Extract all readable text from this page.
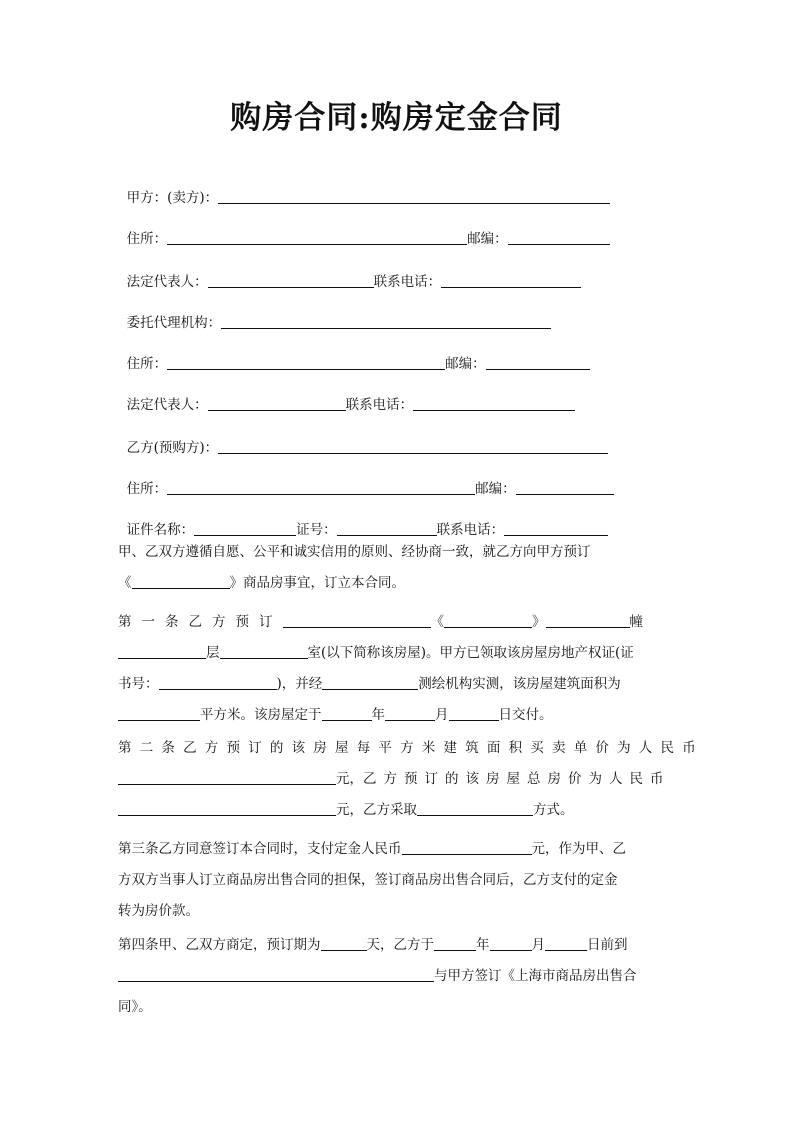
购房合同:购房定金合同

甲方：(卖方)：

住所：	邮编：

法定代表人：	联系电话：

委托代理机构：

住所：	邮编：

法定代表人：	联系电话：

乙方(预购方)：

住所：	邮编：

证件名称：	证号：	联系电话：

甲、乙双方遵循自愿、公平和诚实信用的原则、经协商一致，就乙方向甲方预订
《	》商品房事宜，订立本合同。
第一条乙方预订	《	》	幢
层	室(以下简称该房屋)。甲方已领取该房屋房地产权证(证
书号：	)，并经	测绘机构实测，该房屋建筑面积为
平方米。该房屋定于	年	月	日交付。
第二条乙方预订的该房屋每平方米建筑面积买卖单价为人民币
元，乙方预订的该房屋总房价为人民币
元，乙方采取	方式。
第三条乙方同意签订本合同时，支付定金人民币	元，作为甲、乙
方双方当事人订立商品房出售合同的担保，签订商品房出售合同后，乙方支付的定金
转为房价款。
第四条甲、乙双方商定，预订期为	天，乙方于	年	月	日前到
与甲方签订《上海市商品房出售合
同》。
